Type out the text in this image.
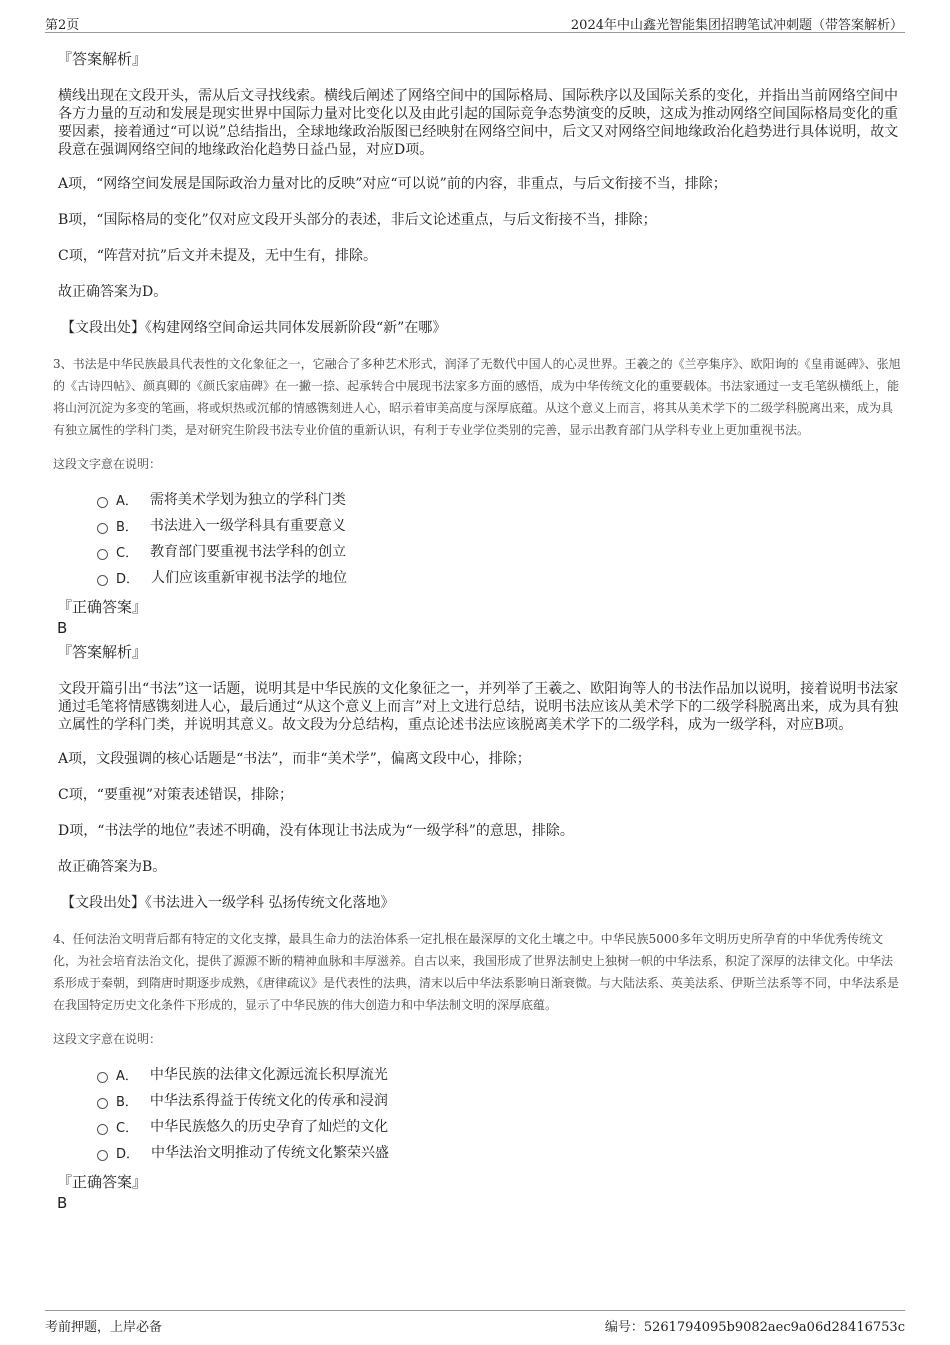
第2页	2024年中山鑫光智能集团招聘笔试冲刺题（带答案解析）
『答案解析』
横线出现在文段开头，需从后文寻找线索。横线后阐述了网络空间中的国际格局、国际秩序以及国际关系的变化，并指出当前网络空间中各方力量的互动和发展是现实世界中国际力量对比变化以及由此引起的国际竞争态势演变的反映，这成为推动网络空间国际格局变化的重要因素，接着通过“可以说”总结指出，全球地缘政治版图已经映射在网络空间中，后文又对网络空间地缘政治化趋势进行具体说明，故文段意在强调网络空间的地缘政治化趋势日益凸显，对应D项。
A项，“网络空间发展是国际政治力量对比的反映”对应“可以说”前的内容，非重点，与后文衔接不当，排除；
B项，“国际格局的变化”仅对应文段开头部分的表述，非后文论述重点，与后文衔接不当，排除；
C项，“阵营对抗”后文并未提及，无中生有，排除。
故正确答案为D。
【文段出处】《构建网络空间命运共同体发展新阶段“新”在哪》
3、书法是中华民族最具代表性的文化象征之一，它融合了多种艺术形式，润泽了无数代中国人的心灵世界。王羲之的《兰亭集序》、欧阳询的《皇甫诞碑》、张旭的《古诗四帖》、颜真卿的《颜氏家庙碑》在一撇一捺、起承转合中展现书法家多方面的感悟，成为中华传统文化的重要载体。书法家通过一支毛笔纵横纸上，能将山河沉淀为多变的笔画，将或炽热或沉郁的情感镌刻进人心，昭示着审美高度与深厚底蕴。从这个意义上而言，将其从美术学下的二级学科脱离出来，成为具有独立属性的学科门类，是对研究生阶段书法专业价值的重新认识，有利于专业学位类别的完善，显示出教育部门从学科专业上更加重视书法。
这段文字意在说明：
A． 需将美术学划为独立的学科门类
B． 书法进入一级学科具有重要意义
C． 教育部门要重视书法学科的创立
D． 人们应该重新审视书法学的地位
『正确答案』
B
『答案解析』
文段开篇引出“书法”这一话题，说明其是中华民族的文化象征之一，并列举了王羲之、欧阳询等人的书法作品加以说明，接着说明书法家通过毛笔将情感镌刻进人心，最后通过“从这个意义上而言”对上文进行总结，说明书法应该从美术学下的二级学科脱离出来，成为具有独立属性的学科门类，并说明其意义。故文段为分总结构，重点论述书法应该脱离美术学下的二级学科，成为一级学科，对应B项。
A项，文段强调的核心话题是“书法”，而非“美术学”，偏离文段中心，排除；
C项，“要重视”对策表述错误，排除；
D项，“书法学的地位”表述不明确，没有体现让书法成为“一级学科”的意思，排除。
故正确答案为B。
【文段出处】《书法进入一级学科 弘扬传统文化落地》
4、任何法治文明背后都有特定的文化支撑，最具生命力的法治体系一定扎根在最深厚的文化土壤之中。中华民族5000多年文明历史所孕育的中华优秀传统文化，为社会培育法治文化，提供了源源不断的精神血脉和丰厚滋养。自古以来，我国形成了世界法制史上独树一帜的中华法系，积淀了深厚的法律文化。中华法系形成于秦朝，到隋唐时期逐步成熟，《唐律疏议》是代表性的法典，清末以后中华法系影响日渐衰微。与大陆法系、英美法系、伊斯兰法系等不同，中华法系是在我国特定历史文化条件下形成的，显示了中华民族的伟大创造力和中华法制文明的深厚底蕴。
这段文字意在说明：
A． 中华民族的法律文化源远流长积厚流光
B． 中华法系得益于传统文化的传承和浸润
C． 中华民族悠久的历史孕育了灿烂的文化
D． 中华法治文明推动了传统文化繁荣兴盛
『正确答案』
B
考前押题，上岸必备	编号：5261794095b9082aec9a06d28416753c
